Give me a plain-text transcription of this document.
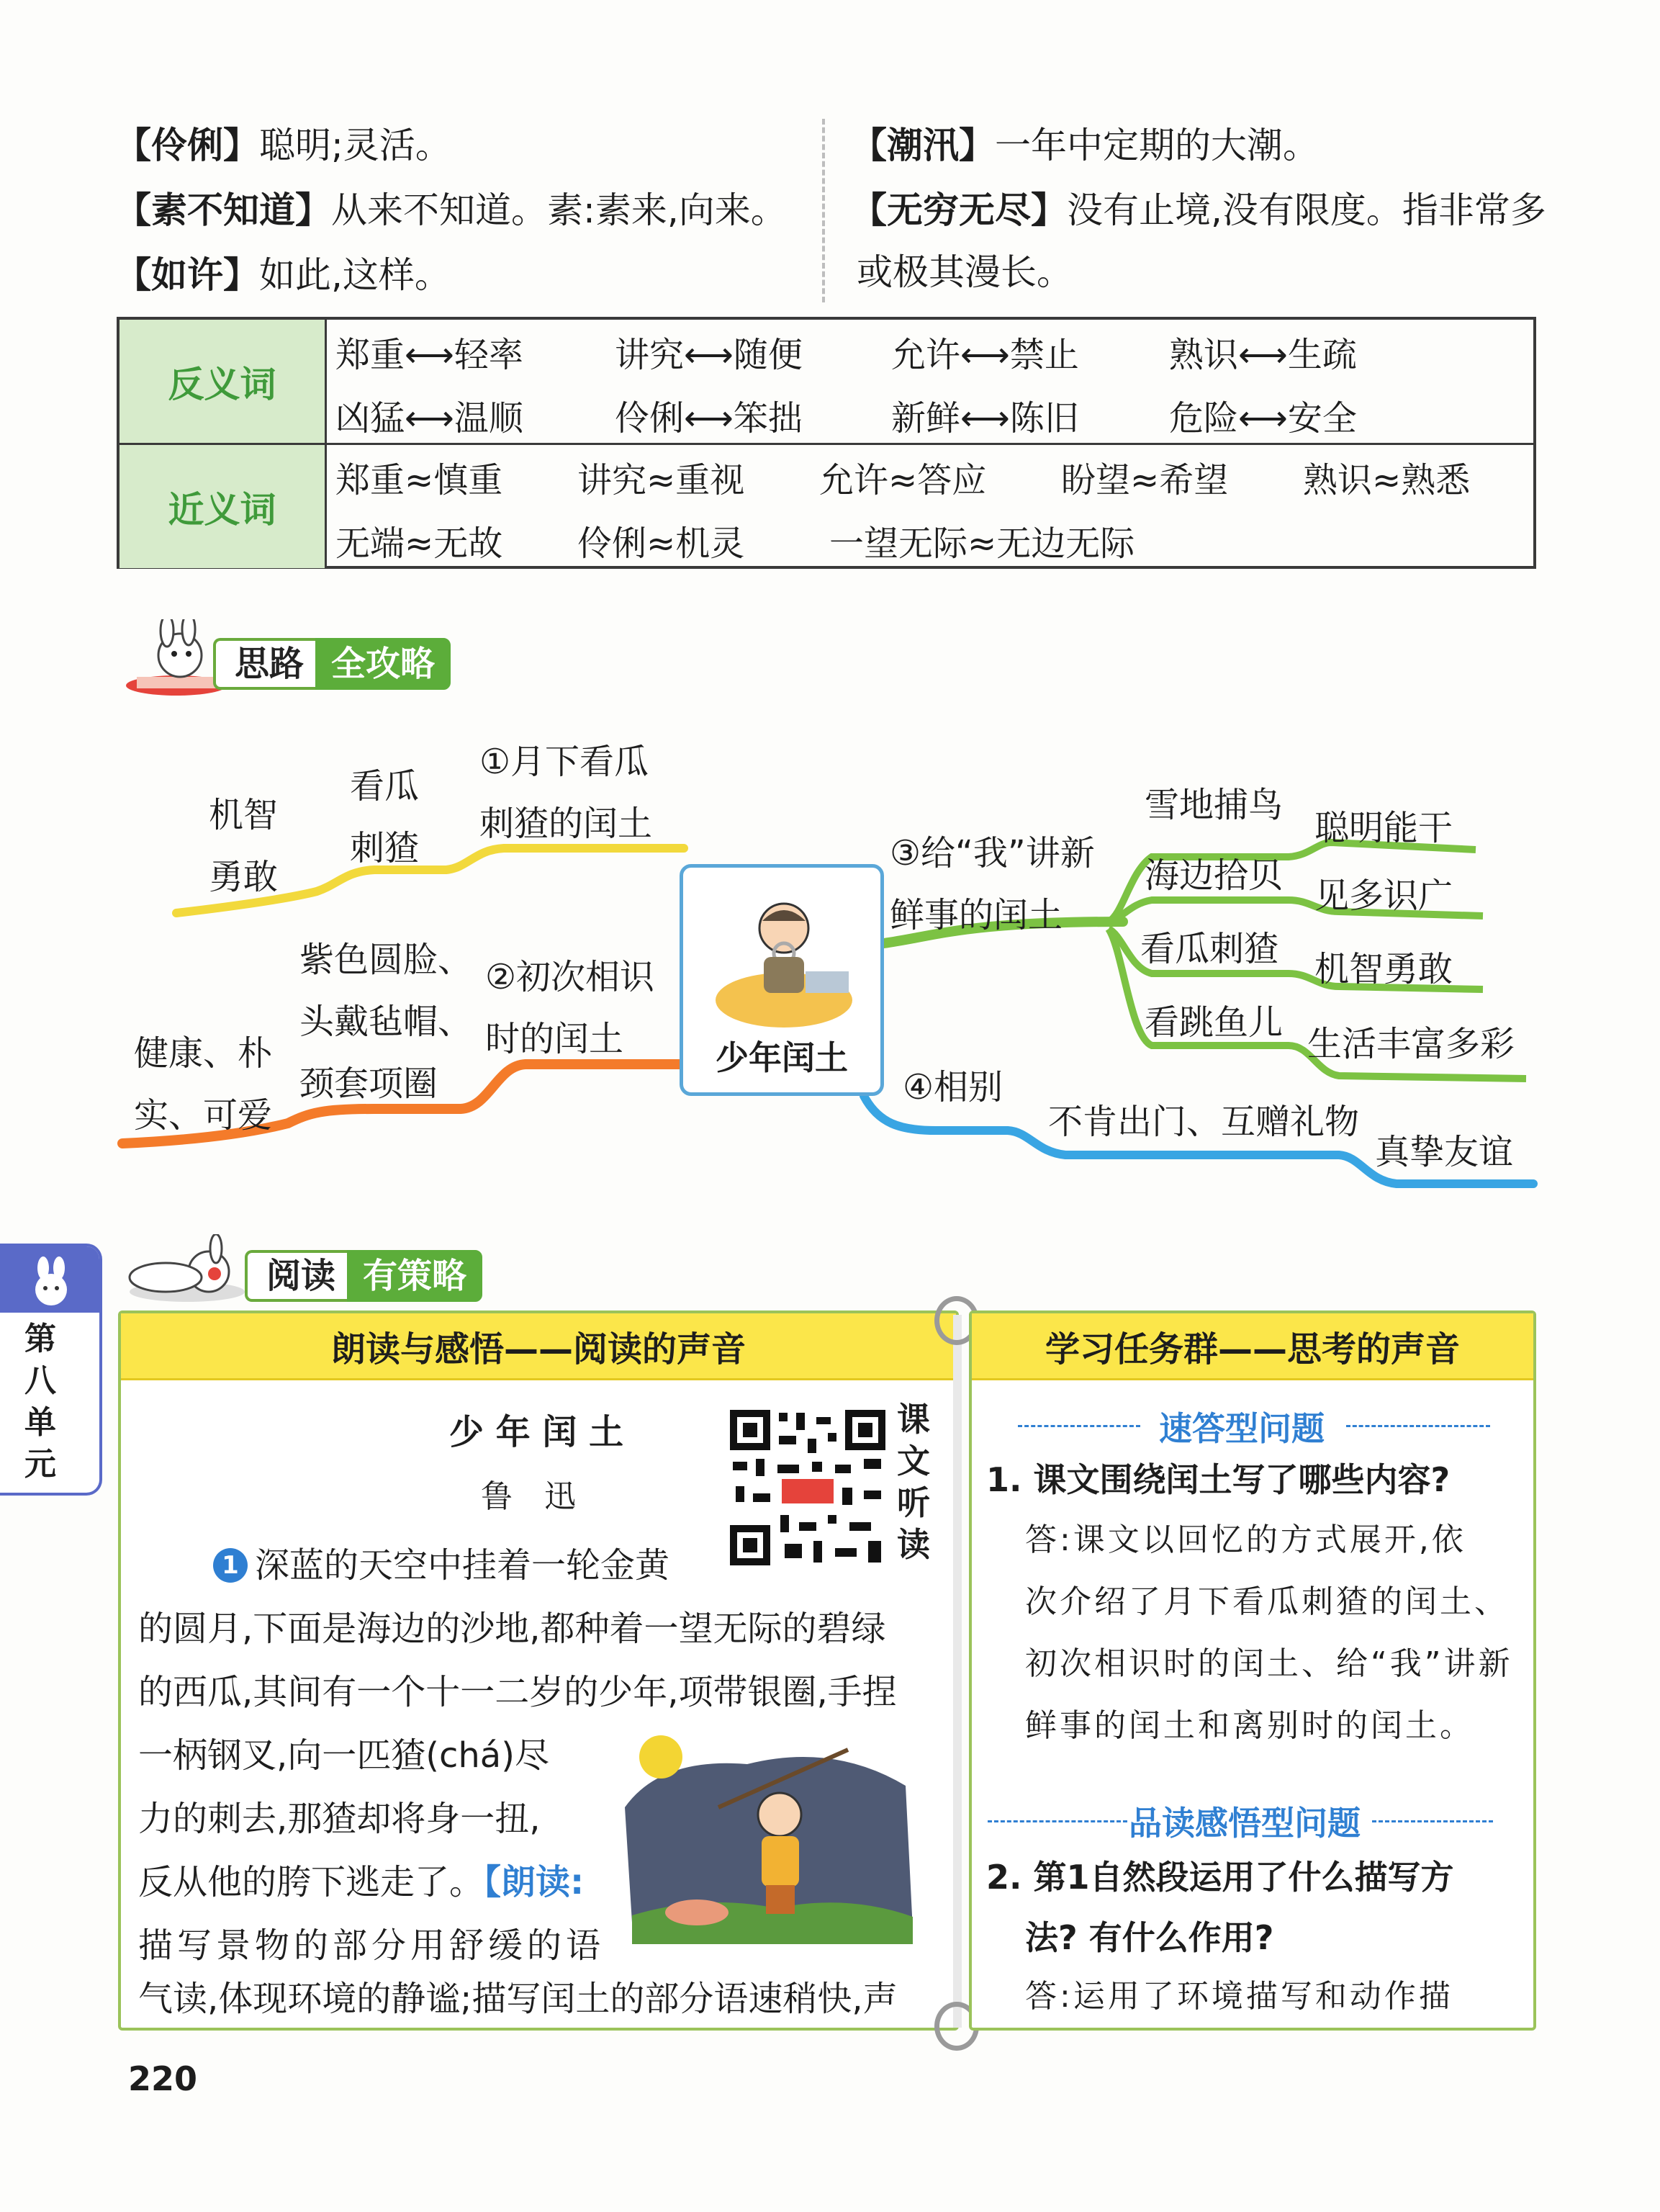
【伶俐】聪明;灵活。
【素不知道】从来不知道。素:素来,向来。
【如许】如此,这样。
【潮汛】一年中定期的大潮。
【无穷无尽】没有止境,没有限度。指非常多
或极其漫长。
反义词
郑重⟷轻率	讲究⟷随便	允许⟷禁止	熟识⟷生疏
凶猛⟷温顺	伶俐⟷笨拙	新鲜⟷陈旧	危险⟷安全
近义词
郑重≈慎重 讲究≈重视 允许≈答应 盼望≈希望 熟识≈熟悉
无端≈无故 伶俐≈机灵 一望无际≈无边无际
思路 全攻略
机智
勇敢
看瓜
刺猹
①月下看瓜
刺猹的闰土
紫色圆脸、
头戴毡帽、
颈套项圈
②初次相识
时的闰土
健康、朴
实、可爱
少年闰土
③给“我”讲新
鲜事的闰土
雪地捕鸟
聪明能干
海边拾贝 见多识广
看瓜刺猹 机智勇敢
看跳鱼儿
生活丰富多彩
④相别
不肯出门、互赠礼物
真挚友谊
第
八
单
元
阅读 有策略
朗读与感悟——阅读的声音
少 年 闰 土
鲁　迅
课
文
听
读
1 深蓝的天空中挂着一轮金黄
的圆月,下面是海边的沙地,都种着一望无际的碧绿
的西瓜,其间有一个十一二岁的少年,项带银圈,手捏
一柄钢叉,向一匹猹(chá)尽
力的刺去,那猹却将身一扭,
反从他的胯下逃走了。【朗读:
描写景物的部分用舒缓的语
气读,体现环境的静谧;描写闰土的部分语速稍快,声
学习任务群——思考的声音
速答型问题
1. 课文围绕闰土写了哪些内容?
答:课文以回忆的方式展开,依
次介绍了月下看瓜刺猹的闰土、
初次相识时的闰土、给“我”讲新
鲜事的闰土和离别时的闰土。
品读感悟型问题
2. 第1自然段运用了什么描写方
法? 有什么作用?
答:运用了环境描写和动作描
220
